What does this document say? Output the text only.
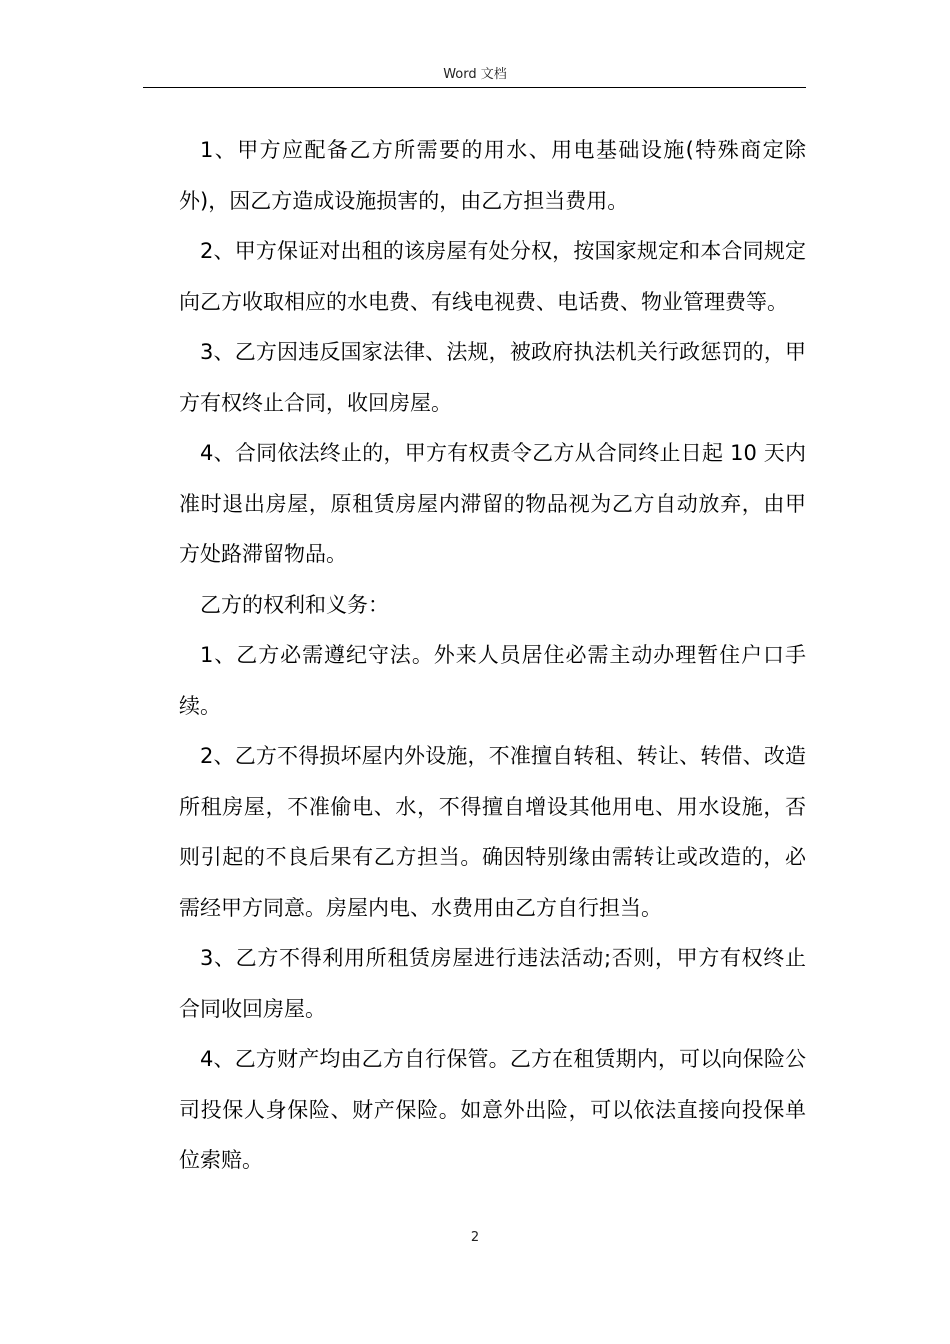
Word 文档

1、甲方应配备乙方所需要的用水、用电基础设施(特殊商定除外)，因乙方造成设施损害的，由乙方担当费用。

2、甲方保证对出租的该房屋有处分权，按国家规定和本合同规定向乙方收取相应的水电费、有线电视费、电话费、物业管理费等。

3、乙方因违反国家法律、法规，被政府执法机关行政惩罚的，甲方有权终止合同，收回房屋。

4、合同依法终止的，甲方有权责令乙方从合同终止日起 10 天内准时退出房屋，原租赁房屋内滞留的物品视为乙方自动放弃，由甲方处路滞留物品。

乙方的权利和义务：

1、乙方必需遵纪守法。外来人员居住必需主动办理暂住户口手续。

2、乙方不得损坏屋内外设施，不准擅自转租、转让、转借、改造所租房屋，不准偷电、水，不得擅自增设其他用电、用水设施，否则引起的不良后果有乙方担当。确因特别缘由需转让或改造的，必需经甲方同意。房屋内电、水费用由乙方自行担当。

3、乙方不得利用所租赁房屋进行违法活动;否则，甲方有权终止合同收回房屋。

4、乙方财产均由乙方自行保管。乙方在租赁期内，可以向保险公司投保人身保险、财产保险。如意外出险，可以依法直接向投保单位索赔。

2
